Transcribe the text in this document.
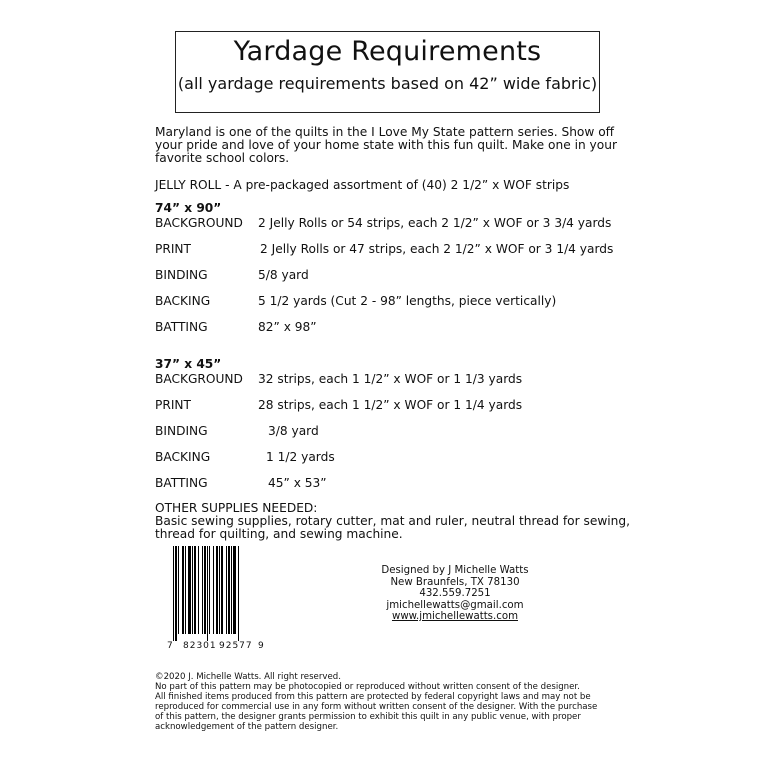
Yardage Requirements
(all yardage requirements based on 42” wide fabric)
Maryland is one of the quilts in the I Love My State pattern series. Show off
your pride and love of your home state with this fun quilt. Make one in your
favorite school colors.
JELLY ROLL - A pre-packaged assortment of (40) 2 1/2” x WOF strips
74” x 90”
BACKGROUND 2 Jelly Rolls or 54 strips, each 2 1/2” x WOF or 3 3/4 yards
PRINT	2 Jelly Rolls or 47 strips, each 2 1/2” x WOF or 3 1/4 yards
BINDING	5/8 yard
BACKING	5 1/2 yards (Cut 2 - 98” lengths, piece vertically)
BATTING	82” x 98”
37” x 45”
BACKGROUND 32 strips, each 1 1/2” x WOF or 1 1/3 yards
PRINT	28 strips, each 1 1/2” x WOF or 1 1/4 yards
BINDING	3/8 yard
BACKING	1 1/2 yards
BATTING	45” x 53”
OTHER SUPPLIES NEEDED:
Basic sewing supplies, rotary cutter, mat and ruler, neutral thread for sewing,
thread for quilting, and sewing machine.
7 82301 92577 9
Designed by J Michelle Watts
New Braunfels, TX 78130
432.559.7251
jmichellewatts@gmail.com
www.jmichellewatts.com
©2020 J. Michelle Watts. All right reserved.
No part of this pattern may be photocopied or reproduced without written consent of the designer.
All finished items produced from this pattern are protected by federal copyright laws and may not be
reproduced for commercial use in any form without written consent of the designer. With the purchase
of this pattern, the designer grants permission to exhibit this quilt in any public venue, with proper
acknowledgement of the pattern designer.
